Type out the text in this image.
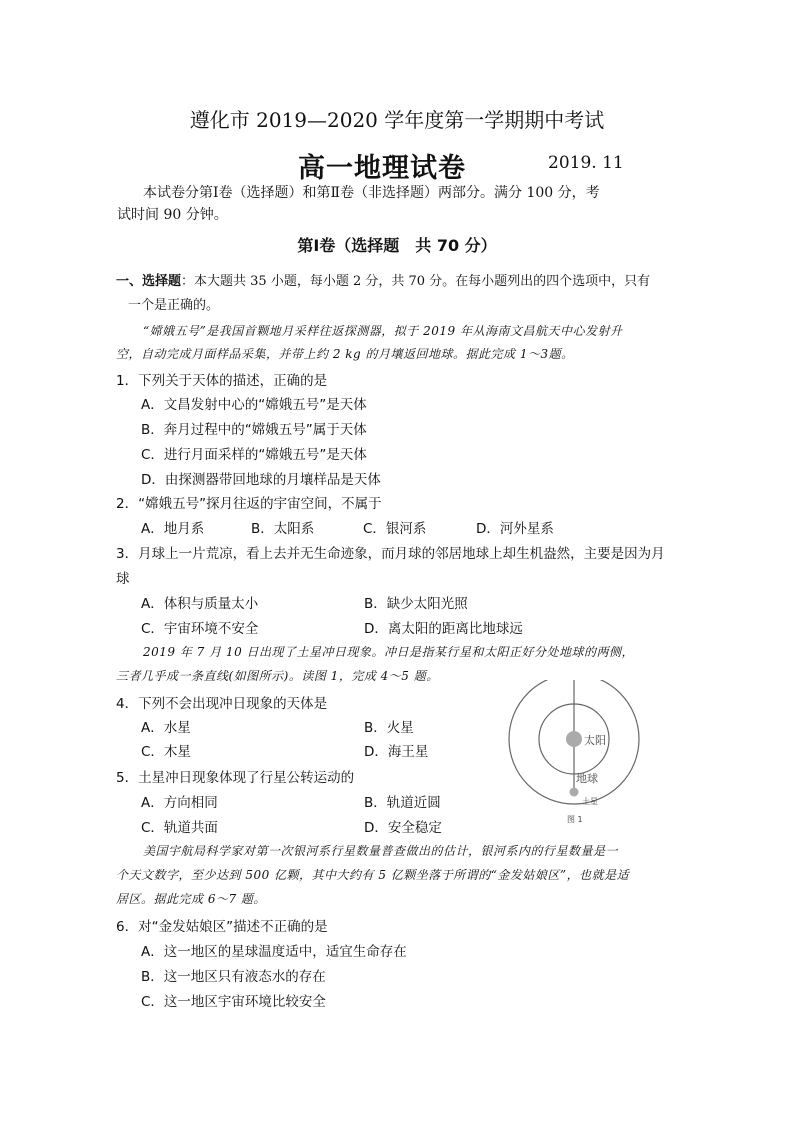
遵化市 2019—2020 学年度第一学期期中考试
高一地理试卷	2019. 11
本试卷分第Ⅰ卷（选择题）和第Ⅱ卷（非选择题）两部分。满分 100 分，考
试时间 90 分钟。
第Ⅰ卷（选择题　共 70 分）
一、选择题：本大题共 35 小题，每小题 2 分，共 70 分。在每小题列出的四个选项中，只有
一个是正确的。
“嫦娥五号”是我国首颗地月采样往返探测器，拟于 2019 年从海南文昌航天中心发射升
空，自动完成月面样品采集，并带上约 2 kg 的月壤返回地球。据此完成 1～3题。
1．下列关于天体的描述，正确的是
A．文昌发射中心的“嫦娥五号”是天体
B．奔月过程中的“嫦娥五号”属于天体
C．进行月面采样的“嫦娥五号”是天体
D．由探测器带回地球的月壤样品是天体
2．“嫦娥五号”探月往返的宇宙空间，不属于
A．地月系	B．太阳系	C．银河系	D．河外星系
3．月球上一片荒凉，看上去并无生命迹象，而月球的邻居地球上却生机盎然，主要是因为月
球
A．体积与质量太小	B．缺少太阳光照
C．宇宙环境不安全	D．离太阳的距离比地球远
2019 年 7 月 10 日出现了土星冲日现象。冲日是指某行星和太阳正好分处地球的两侧，
三者几乎成一条直线(如图所示)。读图 1，完成 4～5 题。
4．下列不会出现冲日现象的天体是
A．水星	B．火星
C．木星	D．海王星
5．土星冲日现象体现了行星公转运动的
A．方向相同	B．轨道近圆
C．轨道共面	D．安全稳定
太阳
地球
土星
图 1
美国宇航局科学家对第一次银河系行星数量普查做出的估计，银河系内的行星数量是一
个天文数字，至少达到 500 亿颗，其中大约有 5 亿颗坐落于所谓的“金发姑娘区”，也就是适
居区。据此完成 6～7 题。
6．对“金发姑娘区”描述不正确的是
A．这一地区的星球温度适中，适宜生命存在
B．这一地区只有液态水的存在
C．这一地区宇宙环境比较安全
